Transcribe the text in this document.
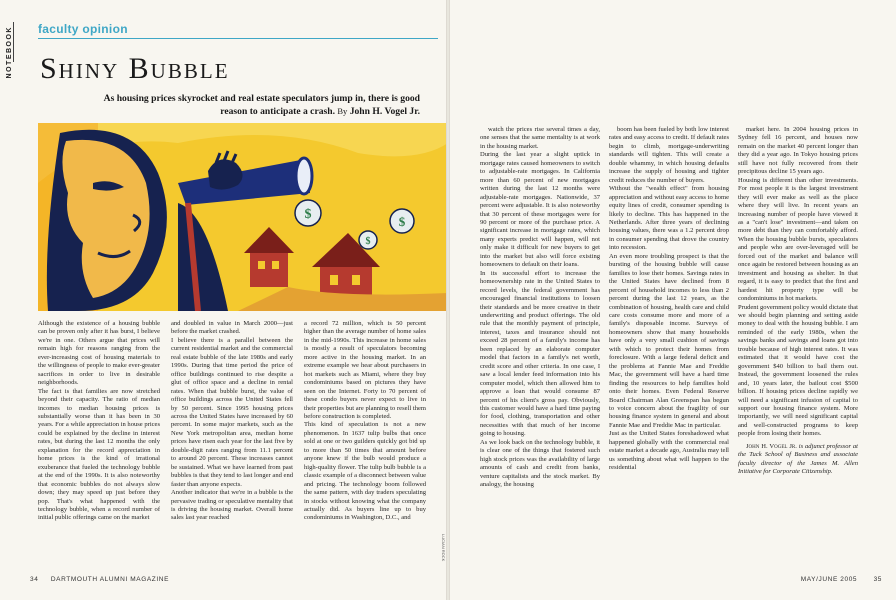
NOTEBOOK faculty opinion
Shiny Bubble
As housing prices skyrocket and real estate speculators jump in, there is good reason to anticipate a crash. By John H. Vogel Jr.
$	$
$

Although the existence of a housing bubble can be proven only after it has burst, I believe we're in one. Others argue that prices will remain high for reasons ranging from the ever-increasing cost of housing materials to the willingness of people to make ever-greater sacrifices in order to live in desirable neighborhoods.
The fact is that families are now stretched beyond their capacity. The ratio of median incomes to median housing prices is substantially worse than it has been in 30 years. For a while appreciation in house prices could be explained by the decline in interest rates, but during the last 12 months the only explanation for the record appreciation in home prices is the kind of irrational exuberance that fueled the technology bubble at the end of the 1990s. It is also noteworthy that economic bubbles do not always slow down; they may speed up just before they pop. That's what happened with the technology bubble, when a record number of initial public offerings came on the market

and doubled in value in March 2000—just before the market crashed.
I believe there is a parallel between the current residential market and the commercial real estate bubble of the late 1980s and early 1990s. During that time period the price of office buildings continued to rise despite a glut of office space and a decline in rental rates. When that bubble burst, the value of office buildings across the United States fell by 50 percent. Since 1995 housing prices across the United States have increased by 60 percent. In some major markets, such as the New York metropolitan area, median home prices have risen each year for the last five by double-digit rates ranging from 11.1 percent to around 20 percent. These increases cannot be sustained. What we have learned from past bubbles is that they tend to last longer and end faster than anyone expects.
Another indicator that we're in a bubble is the pervasive trading or speculative mentality that is driving the housing market. Overall home sales last year reached

a record 72 million, which is 50 percent higher than the average number of home sales in the mid-1990s. This increase in home sales is mostly a result of speculators becoming more active in the housing market. In an extreme example we hear about purchasers in hot markets such as Miami, where they buy condominiums based on pictures they have seen on the Internet. Forty to 70 percent of these condo buyers never expect to live in their properties but are planning to resell them before construction is completed.
This kind of speculation is not a new phenomenon. In 1637 tulip bulbs that once sold at one or two guilders quickly got bid up to more than 50 times that amount before anyone knew if the bulb would produce a high-quality flower. The tulip bulb bubble is a classic example of a disconnect between value and pricing. The technology boom followed the same pattern, with day traders speculating in stocks without knowing what the company actually did. As buyers line up to buy condominiums in Washington, D.C., and

LUCIAN ROCK
34 DARTMOUTH ALUMNI MAGAZINE

watch the prices rise several times a day, one senses that the same mentality is at work in the housing market.
During the last year a slight uptick in mortgage rates caused homeowners to switch to adjustable-rate mortgages. In California more than 60 percent of new mortgages written during the last 12 months were adjustable-rate mortgages. Nationwide, 37 percent were adjustable. It is also noteworthy that 30 percent of these mortgages were for 90 percent or more of the purchase price. A significant increase in mortgage rates, which many experts predict will happen, will not only make it difficult for new buyers to get into the market but also will force existing homeowners to default on their loans.
In its successful effort to increase the homeownership rate in the United States to record levels, the federal government has encouraged financial institutions to loosen their standards and be more creative in their underwriting and product offerings. The old rule that the monthly payment of principle, interest, taxes and insurance should not exceed 28 percent of a family's income has been replaced by an elaborate computer model that factors in a family's net worth, credit score and other criteria. In one case, I saw a local lender feed information into his computer model, which then allowed him to approve a loan that would consume 87 percent of his client's gross pay. Obviously, this customer would have a hard time paying for food, clothing, transportation and other necessities with that much of her income going to housing.
As we look back on the technology bubble, it is clear one of the things that fostered such high stock prices was the availability of large amounts of cash and credit from banks, venture capitalists and the stock market. By analogy, the housing

boom has been fueled by both low interest rates and easy access to credit. If default rates begin to climb, mortgage-underwriting standards will tighten. This will create a double whammy, in which housing defaults increase the supply of housing and tighter credit reduces the number of buyers.
Without the "wealth effect" from housing appreciation and without easy access to home equity lines of credit, consumer spending is likely to decline. This has happened in the Netherlands. After three years of declining housing values, there was a 1.2 percent drop in consumer spending that drove the country into recession.
An even more troubling prospect is that the bursting of the housing bubble will cause families to lose their homes. Savings rates in the United States have declined from 8 percent of household incomes to less than 2 percent during the last 12 years, as the combination of housing, health care and child care costs consume more and more of a family's disposable income. Surveys of homeowners show that many households have only a very small cushion of savings with which to protect their homes from foreclosure. With a large federal deficit and the problems at Fannie Mae and Freddie Mac, the government will have a hard time finding the resources to help families hold onto their homes. Even Federal Reserve Board Chairman Alan Greenspan has begun to voice concern about the fragility of our housing finance system in general and about Fannie Mae and Freddie Mac in particular.
Just as the United States foreshadowed what happened globally with the commercial real estate market a decade ago, Australia may tell us something about what will happen to the residential

market here. In 2004 housing prices in Sydney fell 16 percent, and houses now remain on the market 40 percent longer than they did a year ago. In Tokyo housing prices still have not fully recovered from their precipitous decline 15 years ago.
Housing is different than other investments. For most people it is the largest investment they will ever make as well as the place where they will live. In recent years an increasing number of people have viewed it as a "can't lose" investment—and taken on more debt than they can comfortably afford. When the housing bubble bursts, speculators and people who are over-leveraged will be forced out of the market and balance will once again be restored between housing as an investment and housing as shelter. In that regard, it is easy to predict that the first and hardest hit property type will be condominiums in hot markets.
Prudent government policy would dictate that we should begin planning and setting aside money to deal with the housing bubble. I am reminded of the early 1980s, when the savings banks and savings and loans got into trouble because of high interest rates. It was estimated that it would have cost the government $40 billion to bail them out. Instead, the government loosened the rules and, 10 years later, the bailout cost $500 billion. If housing prices decline rapidly we will need a significant infusion of capital to support our housing finance system. More importantly, we will need significant capital and well-constructed programs to keep people from losing their homes.

John H. Vogel Jr. is adjunct professor at the Tuck School of Business and associate faculty director of the James M. Allen Initiative for Corporate Citizenship.

MAY/JUNE 2005	35
